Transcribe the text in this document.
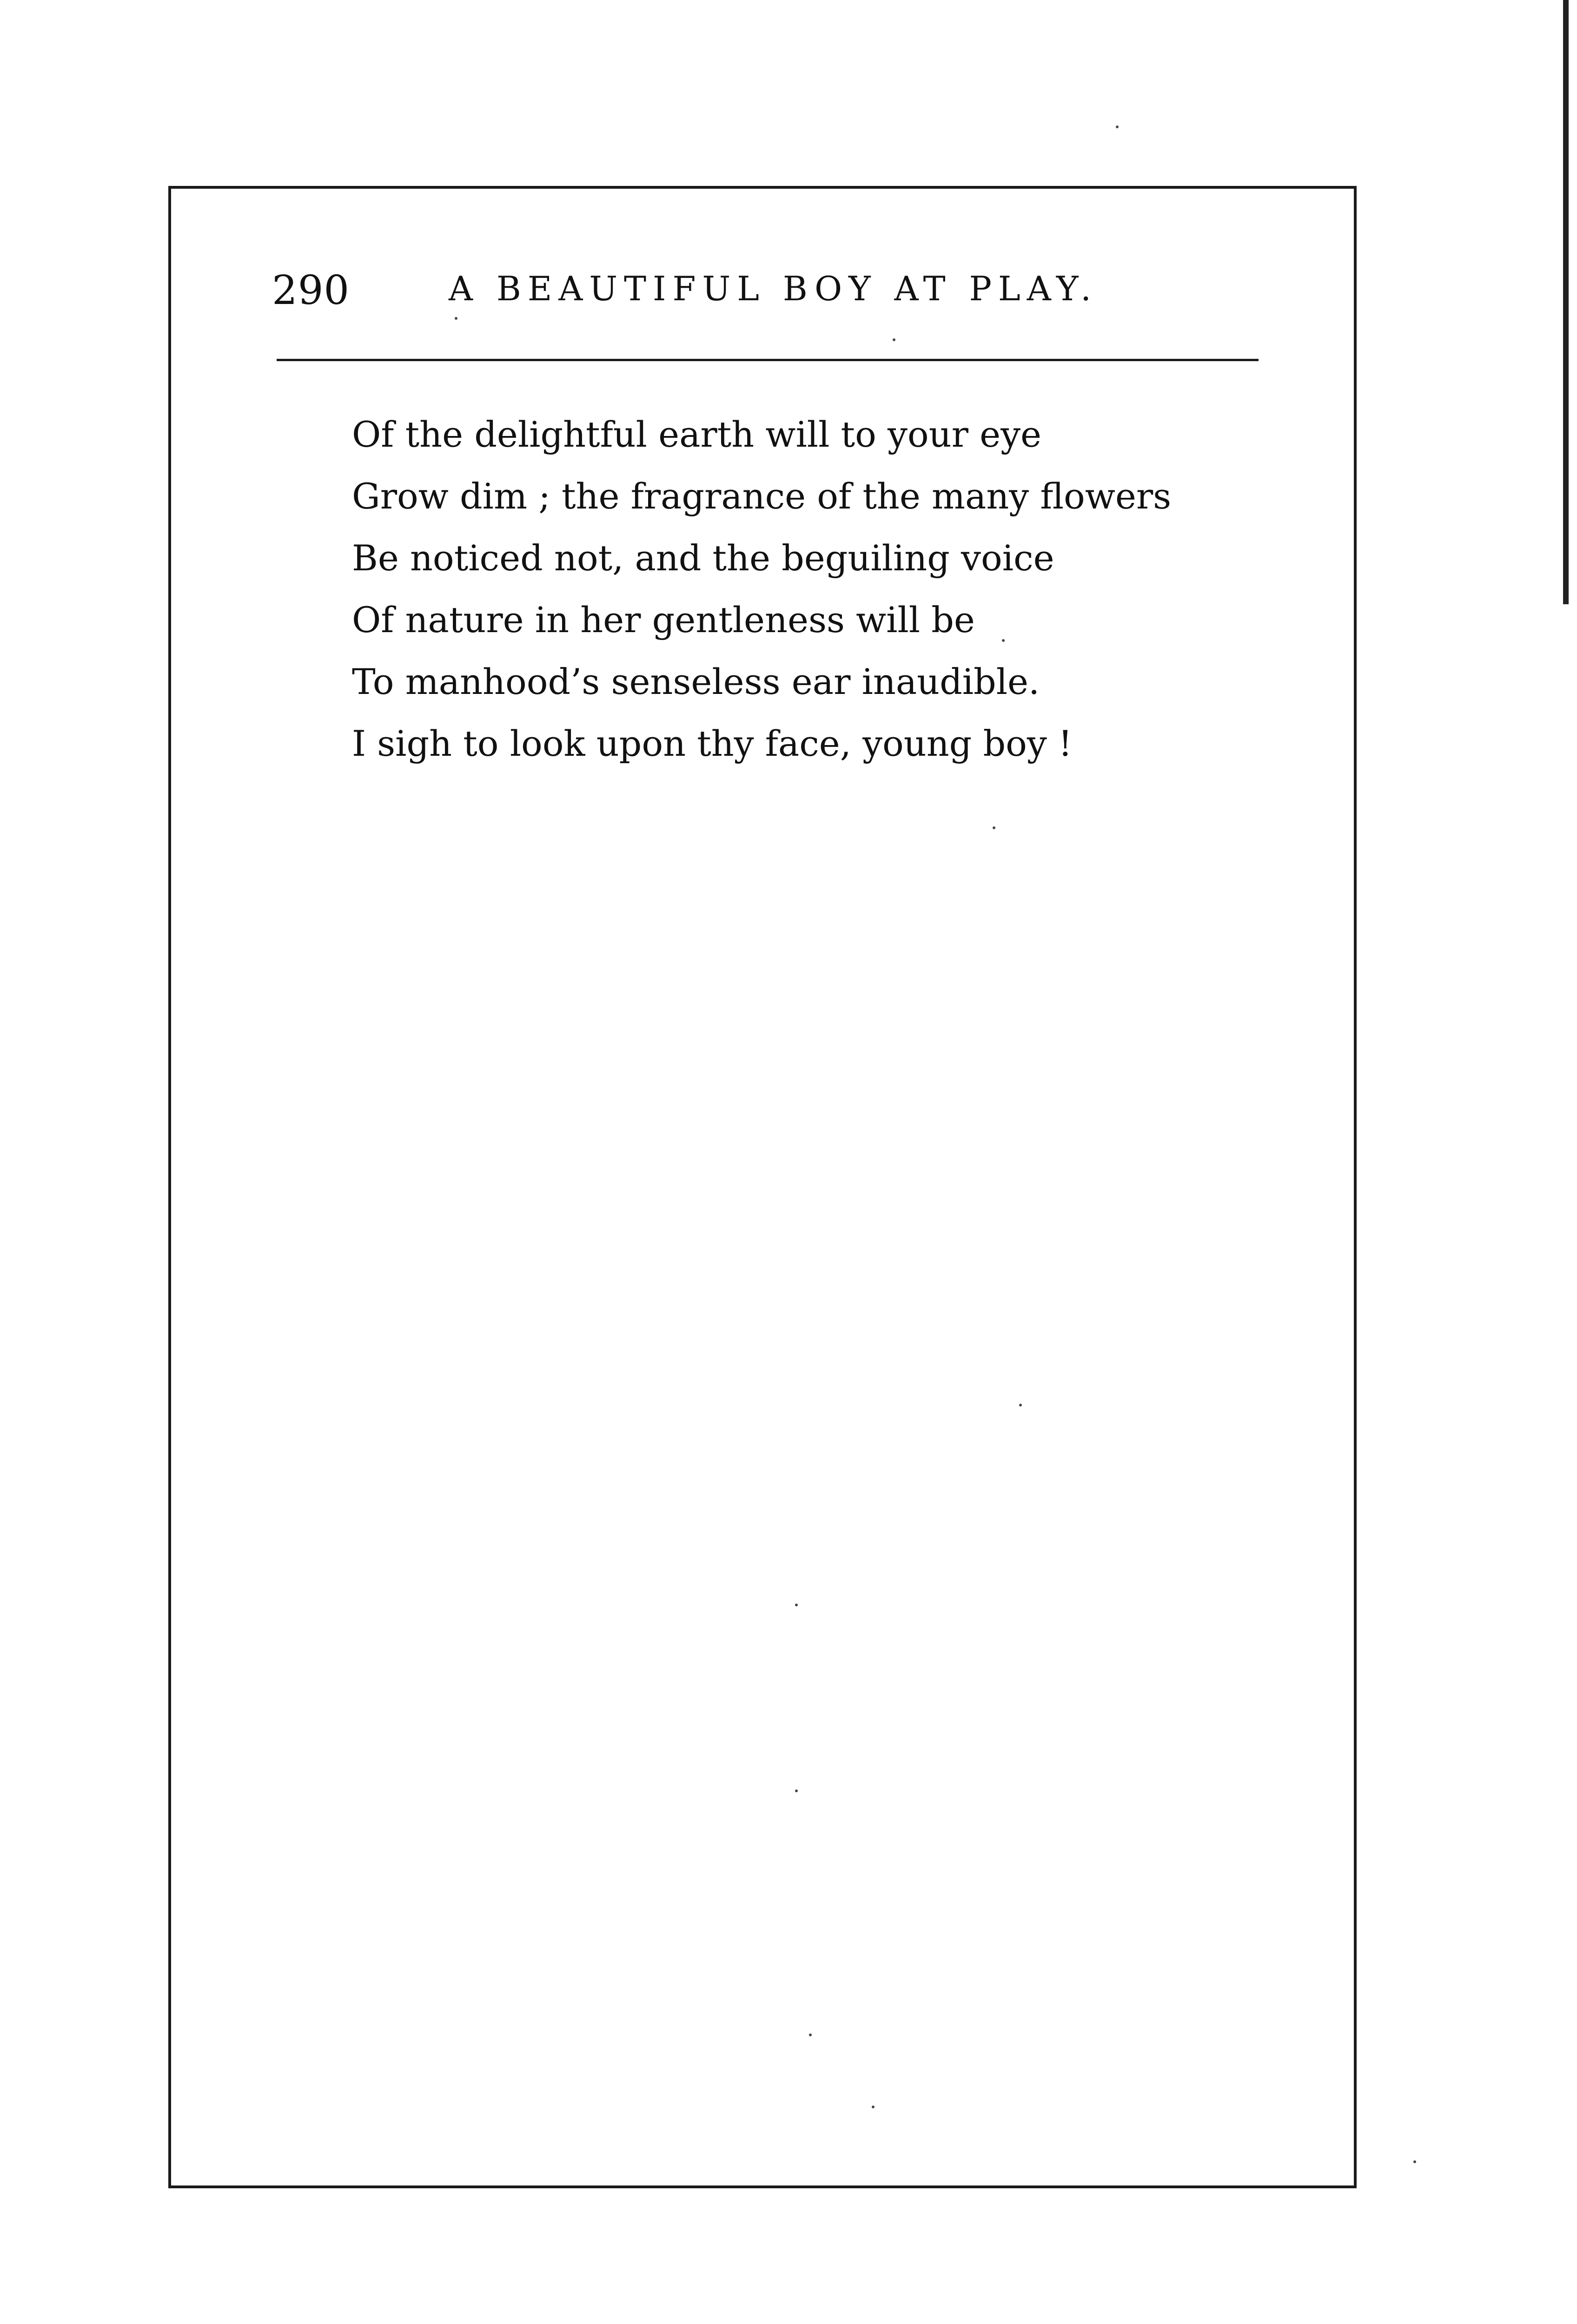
290	A BEAUTIFUL BOY AT PLAY.
Of the delightful earth will to your eye
Grow dim ; the fragrance of the many flowers
Be noticed not, and the beguiling voice
Of nature in her gentleness will be
To manhood’s senseless ear inaudible.
I sigh to look upon thy face, young boy !
